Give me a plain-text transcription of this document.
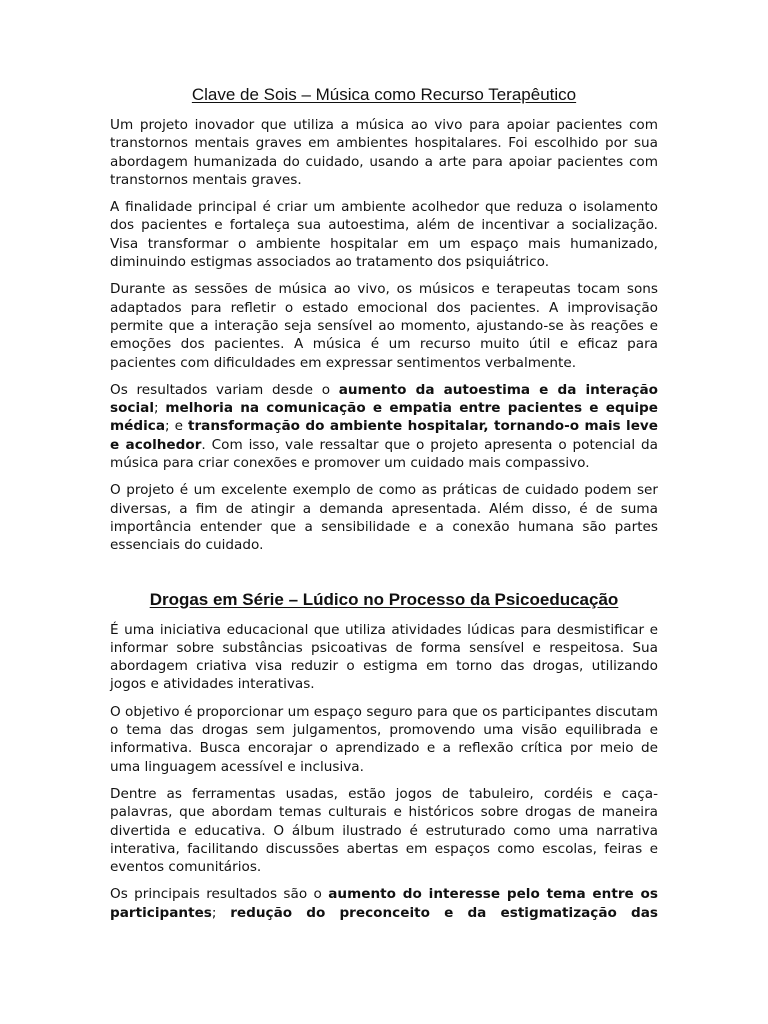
Clave de Sois – Música como Recurso Terapêutico

Um projeto inovador que utiliza a música ao vivo para apoiar pacientes com transtornos mentais graves em ambientes hospitalares. Foi escolhido por sua abordagem humanizada do cuidado, usando a arte para apoiar pacientes com transtornos mentais graves.

A finalidade principal é criar um ambiente acolhedor que reduza o isolamento dos pacientes e fortaleça sua autoestima, além de incentivar a socialização. Visa transformar o ambiente hospitalar em um espaço mais humanizado, diminuindo estigmas associados ao tratamento dos psiquiátrico.

Durante as sessões de música ao vivo, os músicos e terapeutas tocam sons adaptados para refletir o estado emocional dos pacientes. A improvisação permite que a interação seja sensível ao momento, ajustando-se às reações e emoções dos pacientes. A música é um recurso muito útil e eficaz para pacientes com dificuldades em expressar sentimentos verbalmente.

Os resultados variam desde o aumento da autoestima e da interação social; melhoria na comunicação e empatia entre pacientes e equipe médica; e transformação do ambiente hospitalar, tornando-o mais leve e acolhedor. Com isso, vale ressaltar que o projeto apresenta o potencial da música para criar conexões e promover um cuidado mais compassivo.

O projeto é um excelente exemplo de como as práticas de cuidado podem ser diversas, a fim de atingir a demanda apresentada. Além disso, é de suma importância entender que a sensibilidade e a conexão humana são partes essenciais do cuidado.

Drogas em Série – Lúdico no Processo da Psicoeducação

É uma iniciativa educacional que utiliza atividades lúdicas para desmistificar e informar sobre substâncias psicoativas de forma sensível e respeitosa. Sua abordagem criativa visa reduzir o estigma em torno das drogas, utilizando jogos e atividades interativas.

O objetivo é proporcionar um espaço seguro para que os participantes discutam o tema das drogas sem julgamentos, promovendo uma visão equilibrada e informativa. Busca encorajar o aprendizado e a reflexão crítica por meio de uma linguagem acessível e inclusiva.

Dentre as ferramentas usadas, estão jogos de tabuleiro, cordéis e caça-palavras, que abordam temas culturais e históricos sobre drogas de maneira divertida e educativa. O álbum ilustrado é estruturado como uma narrativa interativa, facilitando discussões abertas em espaços como escolas, feiras e eventos comunitários.

Os principais resultados são o aumento do interesse pelo tema entre os participantes; redução do preconceito e da estigmatização das
